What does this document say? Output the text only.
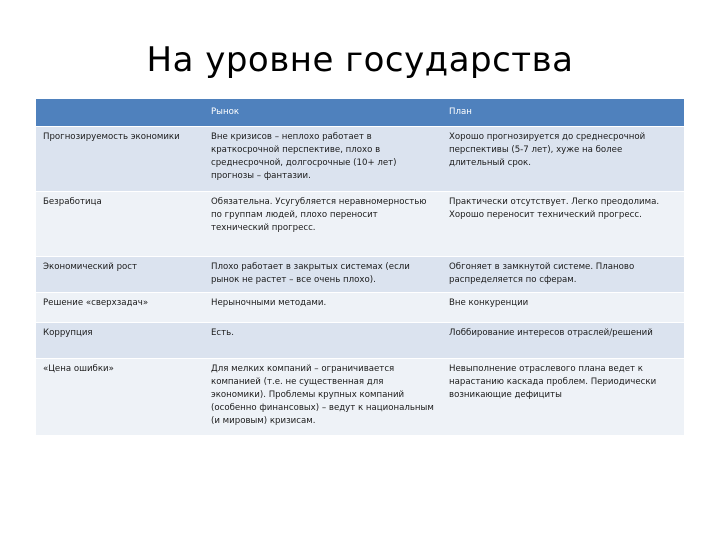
На уровне государства
	Рынок	План
Прогнозируемость экономики	Вне кризисов – неплохо работает в краткосрочной перспективе, плохо в среднесрочной, долгосрочные (10+ лет) прогнозы – фантазии.	Хорошо прогнозируется до среднесрочной перспективы (5-7 лет), хуже на более длительный срок.
Безработица	Обязательна. Усугубляется неравномерностью по группам людей, плохо переносит технический прогресс.	Практически отсутствует. Легко преодолима. Хорошо переносит технический прогресс.
Экономический рост	Плохо работает в закрытых системах (если рынок не растет – все очень плохо).	Обгоняет в замкнутой системе. Планово распределяется по сферам.
Решение «сверхзадач»	Нерыночными методами.	Вне конкуренции
Коррупция	Есть.	Лоббирование интересов отраслей/решений
«Цена ошибки»	Для мелких компаний – ограничивается компанией (т.е. не существенная для экономики). Проблемы крупных компаний (особенно финансовых) – ведут к национальным (и мировым) кризисам.	Невыполнение отраслевого плана ведет к нарастанию каскада проблем. Периодически возникающие дефициты
